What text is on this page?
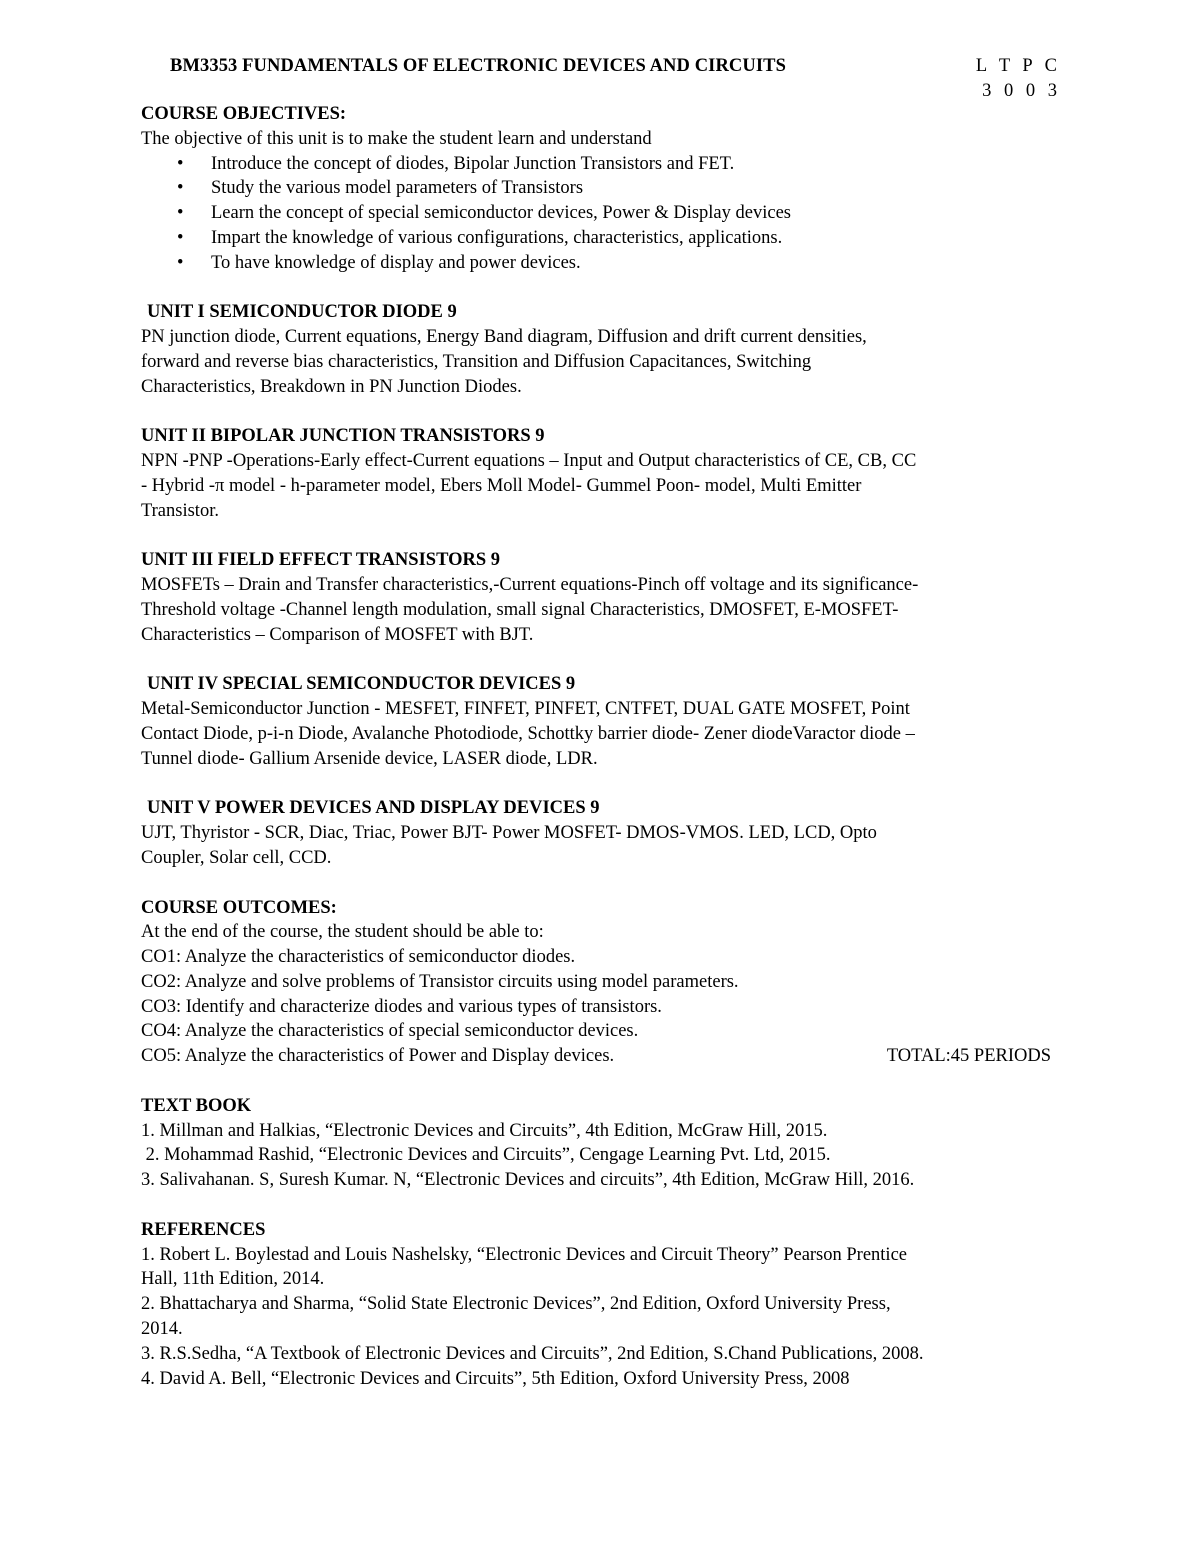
BM3353 FUNDAMENTALS OF ELECTRONIC DEVICES AND CIRCUITS	L T P C
3 0 0 3

COURSE OBJECTIVES:

The objective of this unit is to make the student learn and understand

• Introduce the concept of diodes, Bipolar Junction Transistors and FET.
• Study the various model parameters of Transistors
• Learn the concept of special semiconductor devices, Power & Display devices
• Impart the knowledge of various configurations, characteristics, applications.
• To have knowledge of display and power devices.

UNIT I SEMICONDUCTOR DIODE 9

PN junction diode, Current equations, Energy Band diagram, Diffusion and drift current densities,

forward and reverse bias characteristics, Transition and Diffusion Capacitances, Switching

Characteristics, Breakdown in PN Junction Diodes.

UNIT II BIPOLAR JUNCTION TRANSISTORS 9

NPN -PNP -Operations-Early effect-Current equations – Input and Output characteristics of CE, CB, CC

- Hybrid -π model - h-parameter model, Ebers Moll Model- Gummel Poon- model, Multi Emitter

Transistor.

UNIT III FIELD EFFECT TRANSISTORS 9

MOSFETs – Drain and Transfer characteristics,-Current equations-Pinch off voltage and its significance-

Threshold voltage -Channel length modulation, small signal Characteristics, DMOSFET, E-MOSFET-

Characteristics – Comparison of MOSFET with BJT.

UNIT IV SPECIAL SEMICONDUCTOR DEVICES 9

Metal-Semiconductor Junction - MESFET, FINFET, PINFET, CNTFET, DUAL GATE MOSFET, Point

Contact Diode, p-i-n Diode, Avalanche Photodiode, Schottky barrier diode- Zener diodeVaractor diode –

Tunnel diode- Gallium Arsenide device, LASER diode, LDR.

UNIT V POWER DEVICES AND DISPLAY DEVICES 9

UJT, Thyristor - SCR, Diac, Triac, Power BJT- Power MOSFET- DMOS-VMOS. LED, LCD, Opto

Coupler, Solar cell, CCD.

COURSE OUTCOMES:

At the end of the course, the student should be able to:

CO1: Analyze the characteristics of semiconductor diodes.

CO2: Analyze and solve problems of Transistor circuits using model parameters.

CO3: Identify and characterize diodes and various types of transistors.

CO4: Analyze the characteristics of special semiconductor devices.

CO5: Analyze the characteristics of Power and Display devices.	TOTAL:45 PERIODS

TEXT BOOK

1. Millman and Halkias, “Electronic Devices and Circuits”, 4th Edition, McGraw Hill, 2015.

2. Mohammad Rashid, “Electronic Devices and Circuits”, Cengage Learning Pvt. Ltd, 2015.

3. Salivahanan. S, Suresh Kumar. N, “Electronic Devices and circuits”, 4th Edition, McGraw Hill, 2016.

REFERENCES

1. Robert L. Boylestad and Louis Nashelsky, “Electronic Devices and Circuit Theory” Pearson Prentice

Hall, 11th Edition, 2014.

2. Bhattacharya and Sharma, “Solid State Electronic Devices”, 2nd Edition, Oxford University Press,

2014.

3. R.S.Sedha, “A Textbook of Electronic Devices and Circuits”, 2nd Edition, S.Chand Publications, 2008.

4. David A. Bell, “Electronic Devices and Circuits”, 5th Edition, Oxford University Press, 2008
